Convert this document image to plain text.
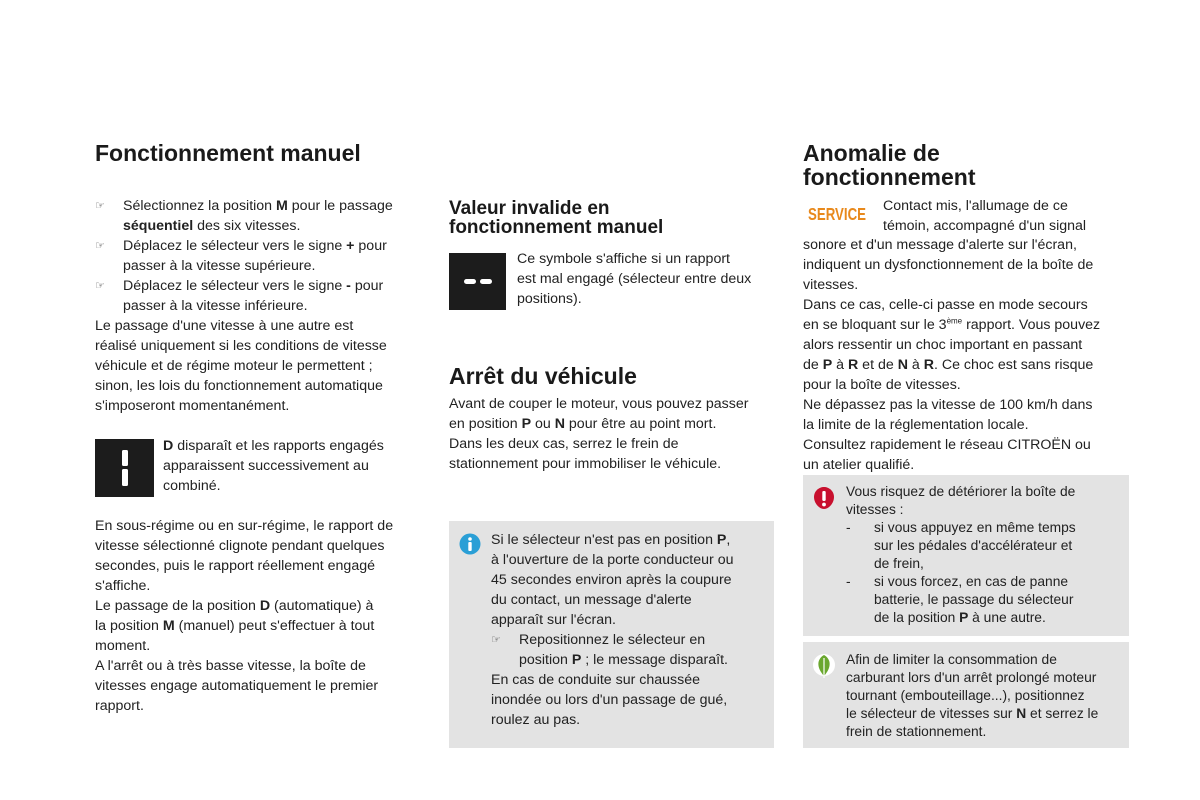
Fonctionnement manuel
☞ Sélectionnez la position M pour le passage
séquentiel des six vitesses.
☞ Déplacez le sélecteur vers le signe + pour
passer à la vitesse supérieure.
☞ Déplacez le sélecteur vers le signe - pour
passer à la vitesse inférieure.
Le passage d'une vitesse à une autre est
réalisé uniquement si les conditions de vitesse
véhicule et de régime moteur le permettent ;
sinon, les lois du fonctionnement automatique
s'imposeront momentanément.
D disparaît et les rapports engagés
apparaissent successivement au
combiné.
En sous-régime ou en sur-régime, le rapport de
vitesse sélectionné clignote pendant quelques
secondes, puis le rapport réellement engagé
s'affiche.
Le passage de la position D (automatique) à
la position M (manuel) peut s'effectuer à tout
moment.
A l'arrêt ou à très basse vitesse, la boîte de
vitesses engage automatiquement le premier
rapport.
Valeur invalide en
fonctionnement manuel
Ce symbole s'affiche si un rapport
est mal engagé (sélecteur entre deux
positions).
Arrêt du véhicule
Avant de couper le moteur, vous pouvez passer
en position P ou N pour être au point mort.
Dans les deux cas, serrez le frein de
stationnement pour immobiliser le véhicule.
Si le sélecteur n'est pas en position P,
à l'ouverture de la porte conducteur ou
45 secondes environ après la coupure
du contact, un message d'alerte
apparaît sur l'écran.
☞ Repositionnez le sélecteur en
position P ; le message disparaît.
En cas de conduite sur chaussée
inondée ou lors d'un passage de gué,
roulez au pas.
Anomalie de
fonctionnement
SERVICE Contact mis, l'allumage de ce
témoin, accompagné d'un signal
sonore et d'un message d'alerte sur l'écran,
indiquent un dysfonctionnement de la boîte de
vitesses.
Dans ce cas, celle-ci passe en mode secours
en se bloquant sur le 3ème rapport. Vous pouvez
alors ressentir un choc important en passant
de P à R et de N à R. Ce choc est sans risque
pour la boîte de vitesses.
Ne dépassez pas la vitesse de 100 km/h dans
la limite de la réglementation locale.
Consultez rapidement le réseau CITROËN ou
un atelier qualifié.
Vous risquez de détériorer la boîte de
vitesses :
- si vous appuyez en même temps
sur les pédales d'accélérateur et
de frein,
- si vous forcez, en cas de panne
batterie, le passage du sélecteur
de la position P à une autre.
Afin de limiter la consommation de
carburant lors d'un arrêt prolongé moteur
tournant (embouteillage...), positionnez
le sélecteur de vitesses sur N et serrez le
frein de stationnement.
